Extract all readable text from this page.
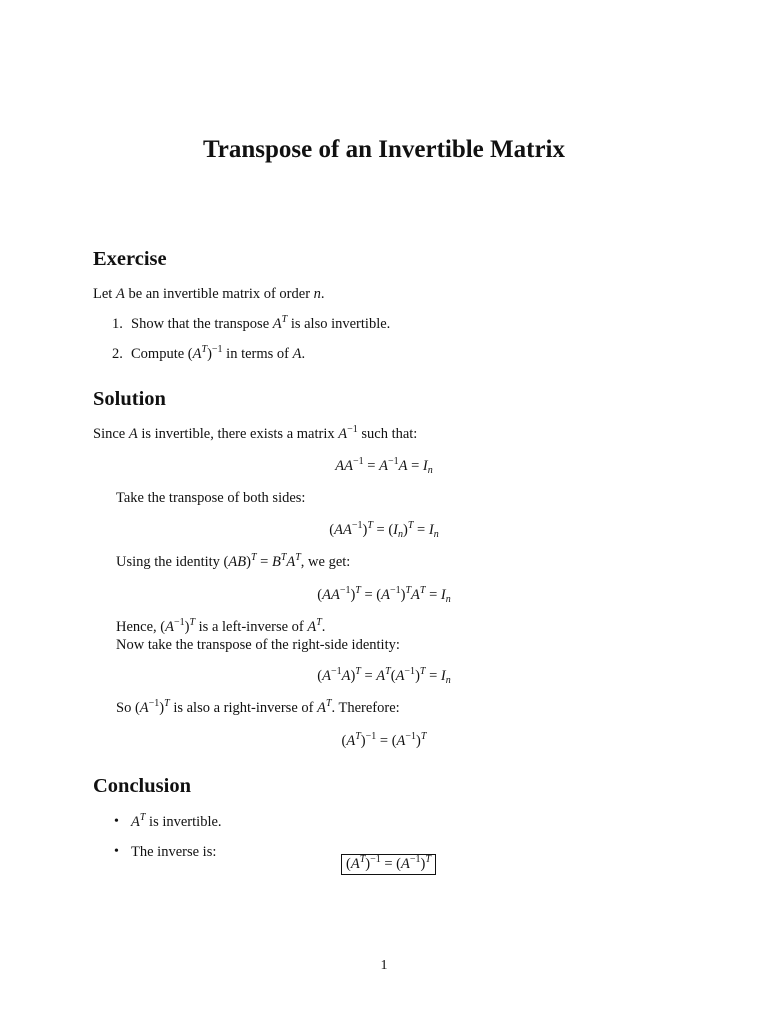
Transpose of an Invertible Matrix
Exercise
Let A be an invertible matrix of order n.
1. Show that the transpose $A^T$ is also invertible.
2. Compute $(A^T)^{-1}$ in terms of A.
Solution
Since A is invertible, there exists a matrix $A^{-1}$ such that:
$AA^{-1} = A^{-1}A = I_n$
Take the transpose of both sides:
$(AA^{-1})^T = (I_n)^T = I_n$
Using the identity $(AB)^T = B^TA^T$, we get:
$(AA^{-1})^T = (A^{-1})^TA^T = I_n$
Hence, $(A^{-1})^T$ is a left-inverse of $A^T$.
Now take the transpose of the right-side identity:
$(A^{-1}A)^T = A^T(A^{-1})^T = I_n$
So $(A^{-1})^T$ is also a right-inverse of $A^T$. Therefore:
$(A^T)^{-1} = (A^{-1})^T$
Conclusion
• $A^T$ is invertible.
• The inverse is:
$(A^T)^{-1} = (A^{-1})^T$
1
